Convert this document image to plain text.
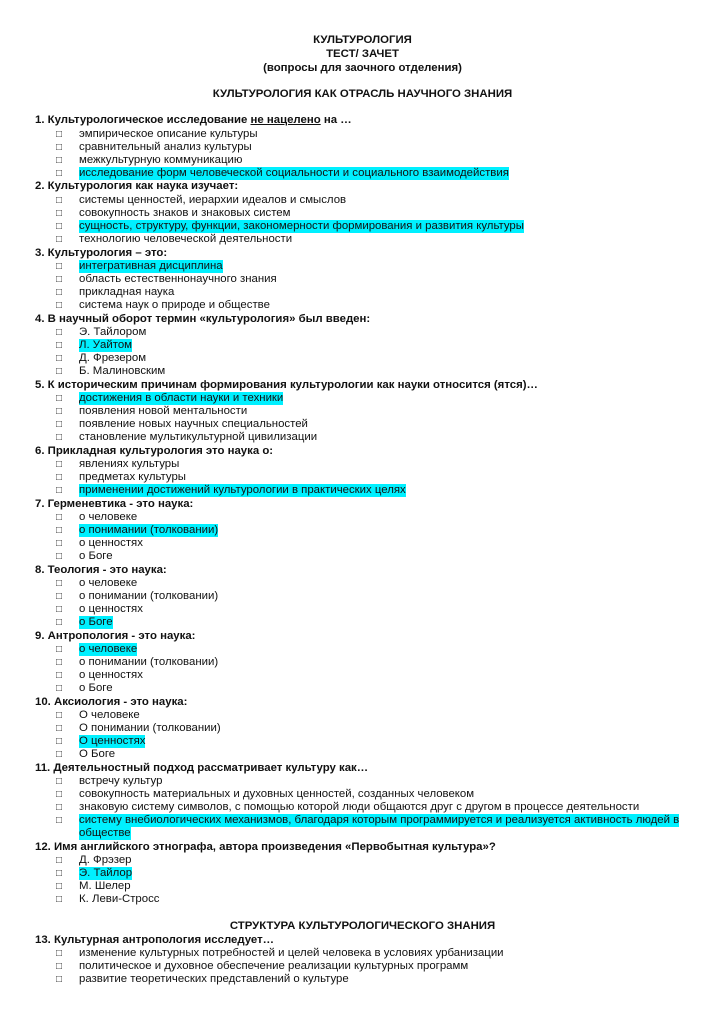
КУЛЬТУРОЛОГИЯ
ТЕСТ/ ЗАЧЕТ
(вопросы для заочного отделения)
КУЛЬТУРОЛОГИЯ КАК ОТРАСЛЬ НАУЧНОГО ЗНАНИЯ
1. Культурологическое исследование не нацелено на …
□	эмпирическое описание культуры
□	сравнительный анализ культуры
□	межкультурную коммуникацию
□	исследование форм человеческой социальности и социального взаимодействия
2. Культурология как наука изучает:
□	системы ценностей, иерархии идеалов и смыслов
□	совокупность знаков и знаковых систем
□	сущность, структуру, функции, закономерности формирования и развития культуры
□	технологию человеческой деятельности
3. Культурология – это:
□	интегративная дисциплина
□	область естественнонаучного знания
□	прикладная наука
□	система наук о природе и обществе
4. В научный оборот термин «культурология» был введен:
□	Э. Тайлором
□	Л. Уайтом
□	Д. Фрезером
□	Б. Малиновским
5. К историческим причинам формирования культурологии как науки относится (ятся)…
□	достижения в области науки и техники
□	появления новой ментальности
□	появление новых научных специальностей
□	становление мультикультурной цивилизации
6. Прикладная культурология это наука о:
□	явлениях культуры
□	предметах культуры
□	применении достижений культурологии в практических целях
7. Герменевтика - это наука:
□	о человеке
□	о понимании (толковании)
□	о ценностях
□	о Боге
8. Теология - это наука:
□	о человеке
□	о понимании (толковании)
□	о ценностях
□	о Боге
9. Антропология - это наука:
□	о человеке
□	о понимании (толковании)
□	о ценностях
□	о Боге
10. Аксиология - это наука:
□	О человеке
□	О понимании (толковании)
□	О ценностях
□	О Боге
11. Деятельностный подход рассматривает культуру как…
□	встречу культур
□	совокупность материальных и духовных ценностей, созданных человеком
□	знаковую систему символов, с помощью которой люди общаются друг с другом в процессе деятельности
□	систему внебиологических механизмов, благодаря которым программируется и реализуется активность людей в
обществе
12. Имя английского этнографа, автора произведения «Первобытная культура»?
□	Д. Фрэзер
□	Э. Тайлор
□	М. Шелер
□	К. Леви-Стросс
СТРУКТУРА КУЛЬТУРОЛОГИЧЕСКОГО ЗНАНИЯ
13. Культурная антропология исследует…
□	изменение культурных потребностей и целей человека в условиях урбанизации
□	политическое и духовное обеспечение реализации культурных программ
□	развитие теоретических представлений о культуре
